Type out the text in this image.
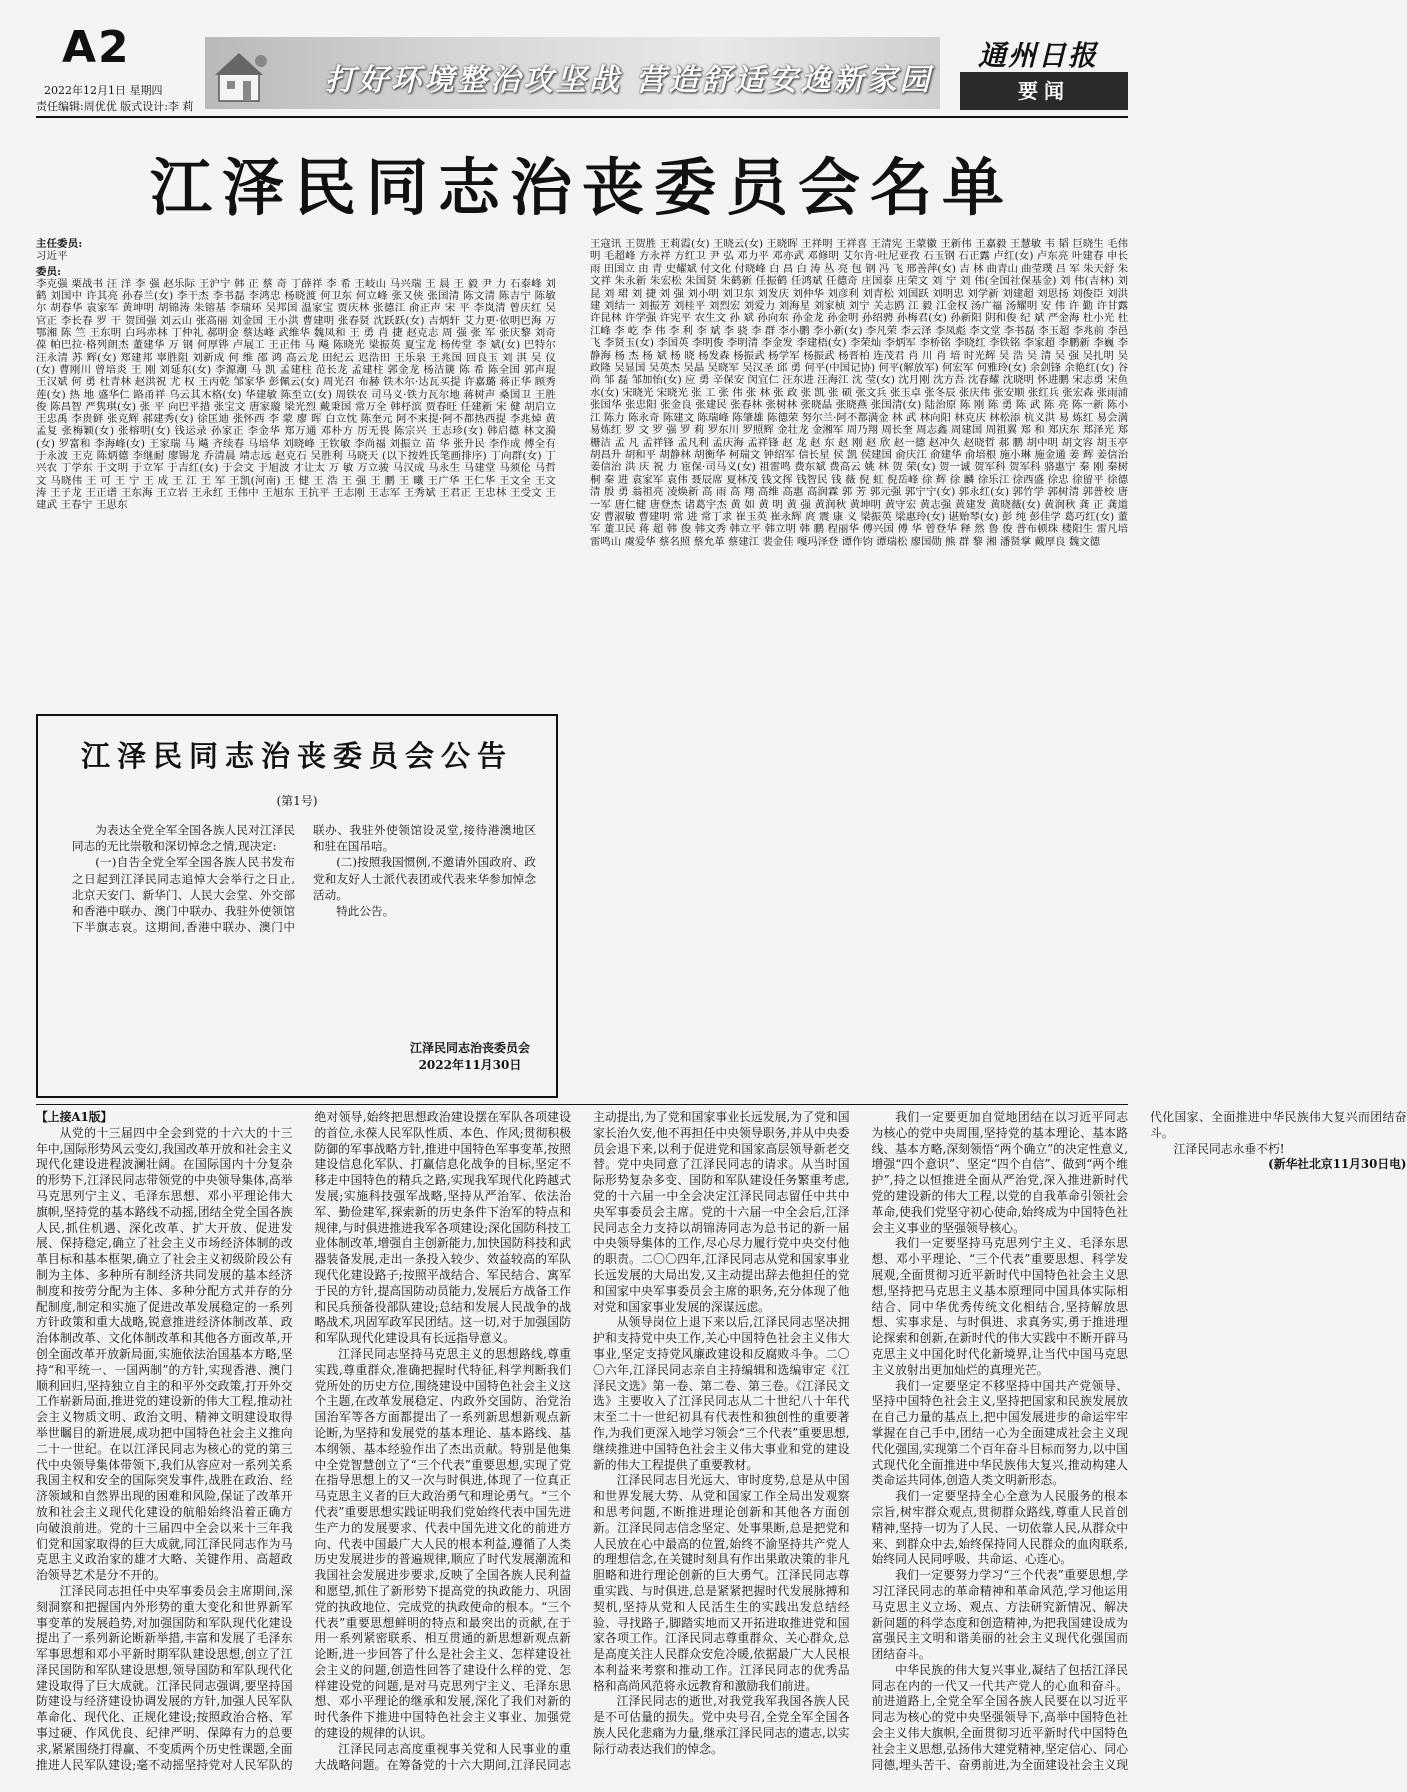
A2
2022年12月1日 星期四
责任编辑:周优优 版式设计:李 莉
打好环境整治攻坚战 营造舒适安逸新家园
通州日报
要闻
江泽民同志治丧委员会名单
主任委员:
习近平
委员:
李克强 栗战书 汪 洋 李 强 赵乐际 王沪宁 韩 正 蔡 奇 丁薛祥 李 希 王岐山 马兴瑞 王 晨 王 毅 尹 力 石泰峰 刘 鹤 刘国中 许其亮 孙春兰(女) 李干杰 李书磊 李鸿忠 杨晓渡 何卫东 何立峰 张又侠 张国清 陈文清 陈吉宁 陈敏尔 胡春华 袁家军 黄坤明 胡锦涛 朱镕基 李瑞环 吴邦国 温家宝 贾庆林 张德江 俞正声 宋 平 李岚清 曾庆红 吴官正 李长春 罗 干 贺国强 刘云山 张高丽 刘金国 王小洪 曹建明 张春贤 沈跃跃(女) 吉炳轩 艾力更·依明巴海 万鄂湘 陈 竺 王东明 白玛赤林 丁仲礼 郝明金 蔡达峰 武维华 魏凤和 王 勇 肖 捷 赵克志 周 强 张 军 张庆黎 刘奇葆 帕巴拉·格列朗杰 董建华 万 钢 何厚铧 卢展工 王正伟 马 飚 陈晓光 梁振英 夏宝龙 杨传堂 李 斌(女) 巴特尔 汪永清 苏 辉(女) 郑建邦 辜胜阻 刘新成 何 维 邵 鸿 高云龙 田纪云 迟浩田 王乐泉 王兆国 回良玉 刘 淇 吴 仪(女) 曹刚川 曾培炎 王 刚 刘延东(女) 李源潮 马 凯 孟建柱 范长龙 孟建柱 郭金龙 杨洁篪 陈 希 陈全国 郭声琨 王汉斌 何 勇 杜青林 赵洪祝 尤 权 王丙乾 邹家华 彭佩云(女) 周光召 布赫 铁木尔·达瓦买提 许嘉璐 蒋正华 顾秀莲(女) 热 地 盛华仁 路甬祥 乌云其木格(女) 华建敏 陈至立(女) 周铁农 司马义·铁力瓦尔地 蒋树声 桑国卫 王胜俊 陈昌智 严隽琪(女) 张 平 向巴平措 张宝文 唐家璇 梁光烈 戴秉国 常万全 韩杼滨 贾春旺 任建新 宋 健 胡启立 王忠禹 李贵鲜 张克辉 郝建秀(女) 徐匡迪 张怀西 李 蒙 廖 晖 白立忱 陈奎元 阿不来提·阿不都热西提 李兆焯 黄孟复 张梅颖(女) 张榕明(女) 钱运录 孙家正 李金华 郑万通 邓朴方 厉无畏 陈宗兴 王志珍(女) 韩启德 林文漪(女) 罗富和 李海峰(女) 王家瑞 马 飚 齐续春 马培华 刘晓峰 王钦敏 李尚福 刘振立 苗 华 张升民 李作成 傅全有 于永波 王克 陈炳德 李继耐 廖锡龙 乔清晨 靖志远 赵克石 吴胜利 马晓天 (以下按姓氏笔画排序) 丁向群(女) 丁兴农 丁学东 于文明 于立军 于吉红(女) 于会文 于旭波 才让太 万 敏 万立骏 马汉成 马永生 马建堂 马须伦 马哲文 马晓伟 王 可 王 宁 王 成 王 江 王 军 王凯(河南) 王 健 王 浩 王 强 王 鹏 王 曦 王广华 王仁华 王文全 王文涛 王子龙 王正谱 王东海 王立岩 王永红 王伟中 王旭东 王抗平 王志刚 王志军 王秀斌 王君正 王忠林 王受文 王建武 王春宁 王思东
王寇讯 王贺胜 王莉霞(女) 王晓云(女) 王晓晖 王祥明 王祥喜 王清宪 王蒙徽 王新伟 王嘉毅 王慧敏 韦 韬 巨晓生 毛伟明 毛超峰 方永祥 方红卫 尹 弘 邓力平 邓亦武 邓修明 艾尔肯·吐尼亚孜 石玉钢 石正露 卢红(女) 卢东亮 叶建春 申长雨 田国立 由 青 史耀斌 付文化 付晓峰 白 昌 白 涛 丛 亮 包 钢 冯 飞 邢善萍(女) 吉 林 曲青山 曲莹璞 吕 军 朱天舒 朱文祥 朱永新 朱宏松 朱国贤 朱鹤新 任振鹤 任鸿斌 任德奇 庄国泰 庄荣文 刘 宁 刘 伟(全国社保基金) 刘 伟(吉林) 刘 昆 刘 珺 刘 捷 刘 强 刘小明 刘卫东 刘发庆 刘仲华 刘彦利 刘青松 刘国跃 刘明忠 刘学新 刘建超 刘思扬 刘俊臣 刘洪建 刘结一 刘振芳 刘桂平 刘烈宏 刘爱力 刘海星 刘家桢 刘宁 关志鸥 江 毅 江金权 汤广福 汤耀明 安 伟 许 勤 许甘露 许昆林 许学强 许宪平 农生文 孙 斌 孙向东 孙金龙 孙金明 孙绍骋 孙梅君(女) 孙新阳 阴和俊 纪 斌 严金海 杜小光 杜江峰 李 屹 李 伟 李 利 李 斌 李 骁 李 群 李小鹏 李小新(女) 李凡荣 李云泽 李凤彪 李文堂 李书磊 李玉超 李兆前 李邑飞 李贤玉(女) 李国英 李明俊 李明清 李金发 李建梧(女) 李荣灿 李炳军 李桥铭 李晓红 李铁铭 李家超 李鹏新 李巍 李静海 杨 杰 杨 斌 杨 晓 杨发森 杨振武 杨学军 杨振武 杨晋柏 连茂君 肖 川 肖 培 时光辉 吴 浩 吴 清 吴 强 吴扎明 吴政隆 吴显国 吴英杰 吴晶 吴晓军 吴汉圣 邱 勇 何平(中国记协) 何平(解放军) 何宏军 何雅玲(女) 余剑锋 余艳红(女) 谷 尚 邹 磊 邹加怡(女) 应 勇 辛保安 闵宜仁 汪东进 汪海江 沈 莹(女) 沈月刚 沈方吾 沈春耀 沈晓明 怀进鹏 宋志勇 宋鱼水(女) 宋晓光 宋晓光 张 工 张 伟 张 林 张 政 张 凯 张 硕 张文兵 张玉卓 张冬辰 张庆伟 张安顺 张红兵 张宏森 张雨浦 张国华 张忠阳 张金良 张建民 张春林 张树林 张晓晶 张晓燕 张国清(女) 陆治原 陈 刚 陈 勇 陈 武 陈 亮 陈一新 陈小江 陈力 陈永奇 陈建文 陈瑞峰 陈肇雄 陈德荣 努尔兰·阿不都满金 林 武 林向阳 林克庆 林松添 杭义洪 易 炼红 易会满 易炼红 罗 文 罗 强 罗 莉 罗东川 罗照辉 金壮龙 金湘军 周乃翔 周长奎 周志鑫 周建国 周祖翼 郑 和 郑庆东 郑泽光 郑栅洁 孟 凡 孟祥锋 孟凡利 孟庆海 孟祥锋 赵 龙 赵 东 赵 刚 赵 欣 赵一德 赵冲久 赵晓哲 郝 鹏 胡中明 胡文容 胡玉亭 胡昌升 胡和平 胡静林 胡衡华 柯瑞文 钟绍军 信长星 侯 凯 侯建国 俞庆江 俞建华 俞培根 施小琳 施金通 姜 辉 姜信治 姜信治 洪 庆 祝 力 宦保·司马义(女) 祖雷鸣 费东斌 费高云 姚 林 贺 荣(女) 贺一诚 贺军科 贺军科 骆惠宁 秦 刚 秦树桐 秦 进 袁家军 袁伟 聂辰席 夏林茂 钱文挥 钱智民 钱 薇 倪 虹 倪岳峰 徐 辉 徐 麟 徐乐江 徐西盛 徐忠 徐留平 徐德清 殷 勇 翁祖亮 凌焕新 高 雨 高 翔 高维 高惠 高润霖 郭 芳 郭元强 郭宁宁(女) 郭永红(女) 郭竹学 郭树清 郭普校 唐一军 唐仁健 唐登杰 诸葛宇杰 黄 如 黄 明 黄 强 黄润秋 黄坤明 黄守宏 黄志强 黄建发 黄晓薇(女) 黄润秋 龚 正 龚道安 曹淑敏 曹建明 常 进 常丁求 崔玉英 崔永辉 庹 震 康 义 梁振英 梁惠玲(女) 谌贻琴(女) 彭 纯 彭佳学 葛巧红(女) 董 军 董卫民 蒋 超 韩 俊 韩文秀 韩立平 韩立明 韩 鹏 程丽华 傅兴国 傅 华 曾登华 释 然 鲁 俊 普布顿珠 楼阳生 雷凡培 雷鸣山 虞爱华 蔡名照 蔡允革 蔡建江 裴金佳 嘎玛泽登 谭作钧 谭瑞松 廖国勋 熊 群 黎 湘 潘贤掌 戴厚良 魏文德
江泽民同志治丧委员会公告
(第1号)

为表达全党全军全国各族人民对江泽民同志的无比崇敬和深切悼念之情,现决定:

(一)自告全党全军全国各族人民书发布之日起到江泽民同志追悼大会举行之日止,北京天安门、新华门、人民大会堂、外交部和香港中联办、澳门中联办、我驻外使领馆下半旗志哀。这期间,香港中联办、澳门中联办、我驻外使领馆设灵堂,接待港澳地区和驻在国吊唁。

(二)按照我国惯例,不邀请外国政府、政党和友好人士派代表团或代表来华参加悼念活动。

特此公告。

江泽民同志治丧委员会
2022年11月30日

【上接A1版】

从党的十三届四中全会到党的十六大的十三年中,国际形势风云变幻,我国改革开放和社会主义现代化建设进程波澜壮阔。在国际国内十分复杂的形势下,江泽民同志带领党的中央领导集体,高举马克思列宁主义、毛泽东思想、邓小平理论伟大旗帜,坚持党的基本路线不动摇,团结全党全国各族人民,抓住机遇、深化改革、扩大开放、促进发展、保持稳定,确立了社会主义市场经济体制的改革目标和基本框架,确立了社会主义初级阶段公有制为主体、多种所有制经济共同发展的基本经济制度和按劳分配为主体、多种分配方式并存的分配制度,制定和实施了促进改革发展稳定的一系列方针政策和重大战略,锐意推进经济体制改革、政治体制改革、文化体制改革和其他各方面改革,开创全面改革开放新局面,实施依法治国基本方略,坚持“和平统一、一国两制”的方针,实现香港、澳门顺利回归,坚持独立自主的和平外交政策,打开外交工作崭新局面,推进党的建设新的伟大工程,推动社会主义物质文明、政治文明、精神文明建设取得举世瞩目的新进展,成功把中国特色社会主义推向二十一世纪。在以江泽民同志为核心的党的第三代中央领导集体带领下,我们从容应对一系列关系我国主权和安全的国际突发事件,战胜在政治、经济领域和自然界出现的困难和风险,保证了改革开放和社会主义现代化建设的航船始终沿着正确方向破浪前进。党的十三届四中全会以来十三年我们党和国家取得的巨大成就,同江泽民同志作为马克思主义政治家的雄才大略、关键作用、高超政治领导艺术是分不开的。

江泽民同志担任中央军事委员会主席期间,深刻洞察和把握国内外形势的重大变化和世界新军事变革的发展趋势,对加强国防和军队现代化建设提出了一系列新论断新举措,丰富和发展了毛泽东军事思想和邓小平新时期军队建设思想,创立了江泽民国防和军队建设思想,领导国防和军队现代化建设取得了巨大成就。江泽民同志强调,要坚持国防建设与经济建设协调发展的方针,加强人民军队革命化、现代化、正规化建设;按照政治合格、军事过硬、作风优良、纪律严明、保障有力的总要求,紧紧围绕打得赢、不变质两个历史性课题,全面推进人民军队建设;毫不动摇坚持党对人民军队的绝对领导,始终把思想政治建设摆在军队各项建设的首位,永葆人民军队性质、本色、作风;贯彻积极防御的军事战略方针,推进中国特色军事变革,按照建设信息化军队、打赢信息化战争的目标,坚定不移走中国特色的精兵之路,实现我军现代化跨越式发展;实施科技强军战略,坚持从严治军、依法治军、勤俭建军,探索新的历史条件下治军的特点和规律,与时俱进推进我军各项建设;深化国防科技工业体制改革,增强自主创新能力,加快国防科技和武器装备发展,走出一条投入较少、效益较高的军队现代化建设路子;按照平战结合、军民结合、寓军于民的方针,提高国防动员能力,发展后方战备工作和民兵预备役部队建设;总结和发展人民战争的战略战术,巩固军政军民团结。这一切,对于加强国防和军队现代化建设具有长远指导意义。

江泽民同志坚持马克思主义的思想路线,尊重实践,尊重群众,准确把握时代特征,科学判断我们党所处的历史方位,围绕建设中国特色社会主义这个主题,在改革发展稳定、内政外交国防、治党治国治军等各方面都提出了一系列新思想新观点新论断,为坚持和发展党的基本理论、基本路线、基本纲领、基本经验作出了杰出贡献。特别是他集中全党智慧创立了“三个代表”重要思想,实现了党在指导思想上的又一次与时俱进,体现了一位真正马克思主义者的巨大政治勇气和理论勇气。“三个代表”重要思想实践证明我们党始终代表中国先进生产力的发展要求、代表中国先进文化的前进方向、代表中国最广大人民的根本利益,遵循了人类历史发展进步的普遍规律,顺应了时代发展潮流和我国社会发展进步要求,反映了全国各族人民利益和愿望,抓住了新形势下提高党的执政能力、巩固党的执政地位、完成党的执政使命的根本。“三个代表”重要思想鲜明的特点和最突出的贡献,在于用一系列紧密联系、相互贯通的新思想新观点新论断,进一步回答了什么是社会主义、怎样建设社会主义的问题,创造性回答了建设什么样的党、怎样建设党的问题,是对马克思列宁主义、毛泽东思想、邓小平理论的继承和发展,深化了我们对新的时代条件下推进中国特色社会主义事业、加强党的建设的规律的认识。

江泽民同志高度重视事关党和人民事业的重大战略问题。在筹备党的十六大期间,江泽民同志主动提出,为了党和国家事业长远发展,为了党和国家长治久安,他不再担任中央领导职务,并从中央委员会退下来,以利于促进党和国家高层领导新老交替。党中央同意了江泽民同志的请求。从当时国际形势复杂多变、国防和军队建设任务繁重考虑,党的十六届一中全会决定江泽民同志留任中共中央军事委员会主席。党的十六届一中全会后,江泽民同志全力支持以胡锦涛同志为总书记的新一届中央领导集体的工作,尽心尽力履行党中央交付他的职责。二〇〇四年,江泽民同志从党和国家事业长远发展的大局出发,又主动提出辞去他担任的党和国家中央军事委员会主席的职务,充分体现了他对党和国家事业发展的深谋远虑。

从领导岗位上退下来以后,江泽民同志坚决拥护和支持党中央工作,关心中国特色社会主义伟大事业,坚定支持党风廉政建设和反腐败斗争。二〇〇六年,江泽民同志亲自主持编辑和选编审定《江泽民文选》第一卷、第二卷、第三卷。《江泽民文选》主要收入了江泽民同志从二十世纪八十年代末至二十一世纪初具有代表性和独创性的重要著作,为我们更深入地学习领会“三个代表”重要思想,继续推进中国特色社会主义伟大事业和党的建设新的伟大工程提供了重要教材。

江泽民同志目光远大、审时度势,总是从中国和世界发展大势、从党和国家工作全局出发观察和思考问题,不断推进理论创新和其他各方面创新。江泽民同志信念坚定、处事果断,总是把党和人民放在心中最高的位置,始终不渝坚持共产党人的理想信念,在关键时刻具有作出果敢决策的非凡胆略和进行理论创新的巨大勇气。江泽民同志尊重实践、与时俱进,总是紧紧把握时代发展脉搏和契机,坚持从党和人民活生生的实践出发总结经验、寻找路子,脚踏实地而又开拓进取推进党和国家各项工作。江泽民同志尊重群众、关心群众,总是高度关注人民群众安危冷暖,依据最广大人民根本利益来考察和推动工作。江泽民同志的优秀品格和高尚风范将永远教育和激励我们前进。

江泽民同志的逝世,对我党我军我国各族人民是不可估量的损失。党中央号召,全党全军全国各族人民化悲痛为力量,继承江泽民同志的遗志,以实际行动表达我们的悼念。

我们一定要更加自觉地团结在以习近平同志为核心的党中央周围,坚持党的基本理论、基本路线、基本方略,深刻领悟“两个确立”的决定性意义,增强“四个意识”、坚定“四个自信”、做到“两个维护”,持之以恒推进全面从严治党,深入推进新时代党的建设新的伟大工程,以党的自我革命引领社会革命,使我们党坚守初心使命,始终成为中国特色社会主义事业的坚强领导核心。

我们一定要坚持马克思列宁主义、毛泽东思想、邓小平理论、“三个代表”重要思想、科学发展观,全面贯彻习近平新时代中国特色社会主义思想,坚持把马克思主义基本原理同中国具体实际相结合、同中华优秀传统文化相结合,坚持解放思想、实事求是、与时俱进、求真务实,勇于推进理论探索和创新,在新时代的伟大实践中不断开辟马克思主义中国化时代化新境界,让当代中国马克思主义放射出更加灿烂的真理光芒。

我们一定要坚定不移坚持中国共产党领导、坚持中国特色社会主义,坚持把国家和民族发展放在自己力量的基点上,把中国发展进步的命运牢牢掌握在自己手中,团结一心为全面建成社会主义现代化强国,实现第二个百年奋斗目标而努力,以中国式现代化全面推进中华民族伟大复兴,推动构建人类命运共同体,创造人类文明新形态。

我们一定要坚持全心全意为人民服务的根本宗旨,树牢群众观点,贯彻群众路线,尊重人民首创精神,坚持一切为了人民、一切依靠人民,从群众中来、到群众中去,始终保持同人民群众的血肉联系,始终同人民同呼吸、共命运、心连心。

我们一定要努力学习“三个代表”重要思想,学习江泽民同志的革命精神和革命风范,学习他运用马克思主义立场、观点、方法研究新情况、解决新问题的科学态度和创造精神,为把我国建设成为富强民主文明和谐美丽的社会主义现代化强国而团结奋斗。

中华民族的伟大复兴事业,凝结了包括江泽民同志在内的一代又一代共产党人的心血和奋斗。前进道路上,全党全军全国各族人民要在以习近平同志为核心的党中央坚强领导下,高举中国特色社会主义伟大旗帜,全面贯彻习近平新时代中国特色社会主义思想,弘扬伟大建党精神,坚定信心、同心同德,埋头苦干、奋勇前进,为全面建设社会主义现代化国家、全面推进中华民族伟大复兴而团结奋斗。

江泽民同志永垂不朽!

(新华社北京11月30日电)
